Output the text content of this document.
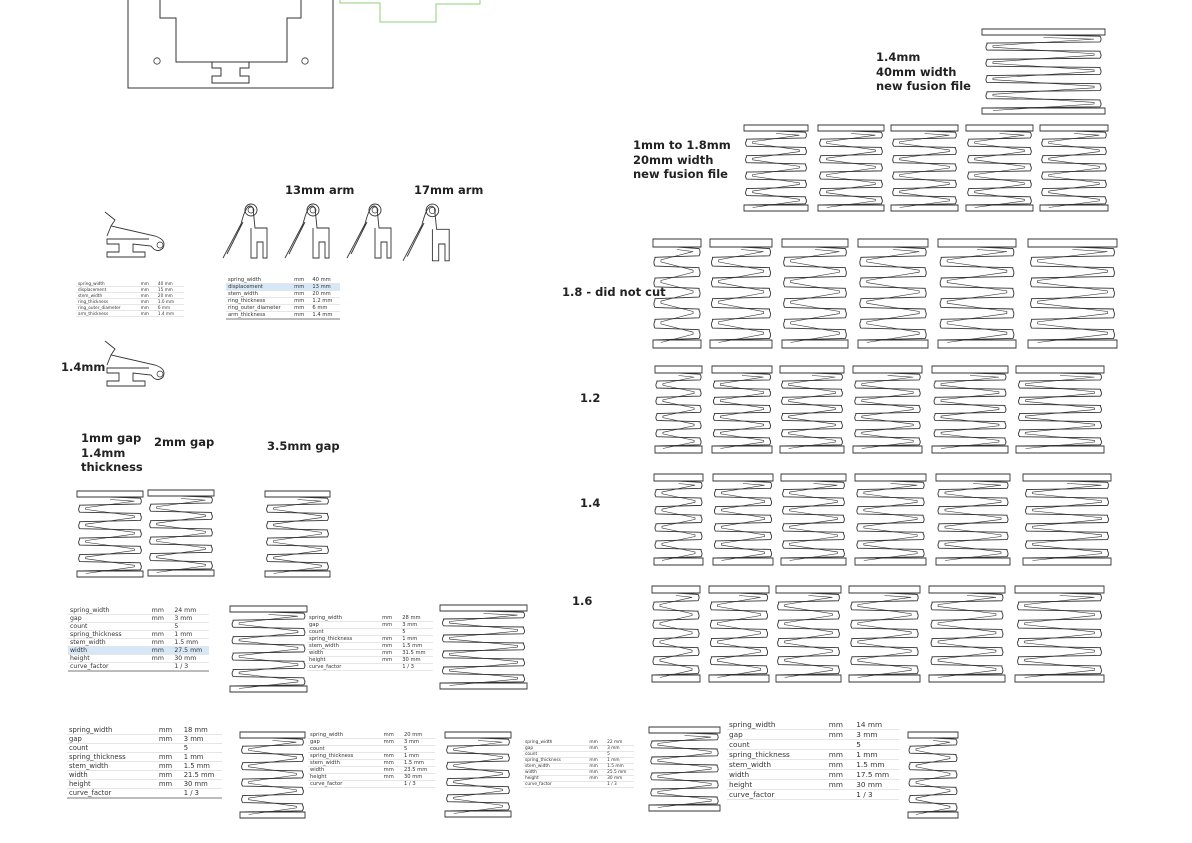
1.4mm
40mm width
new fusion file
1mm to 1.8mm
20mm width
new fusion file
13mm arm	17mm arm
1.4mm
1mm gap
1.4mm
thickness
2mm gap	3.5mm gap
1.8 - did not cut
1.2
1.4
1.6
spring_width	mm	40 mm
displacement	mm	15 mm
stem_width	mm	20 mm
ring_thickness	mm	1.0 mm
ring_outer_diameter	mm	6 mm
arm_thickness	mm	1.4 mm
spring_width	mm	40 mm
displacement	mm	13 mm
stem_width	mm	20 mm
ring_thickness	mm	1.2 mm
ring_outer_diameter	mm	6 mm
arm_thickness	mm	1.4 mm
spring_width	mm	24 mm
gap	mm	3 mm
count		5
spring_thickness	mm	1 mm
stem_width	mm	1.5 mm
width	mm	27.5 mm
height	mm	30 mm
curve_factor		1 / 3
spring_width	mm	28 mm
gap	mm	3 mm
count		5
spring_thickness	mm	1 mm
stem_width	mm	1.5 mm
width	mm	31.5 mm
height	mm	30 mm
curve_factor		1 / 3
spring_width	mm	18 mm
gap	mm	3 mm
count		5
spring_thickness	mm	1 mm
stem_width	mm	1.5 mm
width	mm	21.5 mm
height	mm	30 mm
curve_factor		1 / 3
spring_width	mm	20 mm
gap	mm	3 mm
count		5
spring_thickness	mm	1 mm
stem_width	mm	1.5 mm
width	mm	23.5 mm
height	mm	30 mm
curve_factor		1 / 3
spring_width	mm	22 mm
gap	mm	3 mm
count		5
spring_thickness	mm	1 mm
stem_width	mm	1.5 mm
width	mm	25.5 mm
height	mm	30 mm
curve_factor		1 / 3
spring_width	mm	14 mm
gap	mm	3 mm
count		5
spring_thickness	mm	1 mm
stem_width	mm	1.5 mm
width	mm	17.5 mm
height	mm	30 mm
curve_factor		1 / 3
